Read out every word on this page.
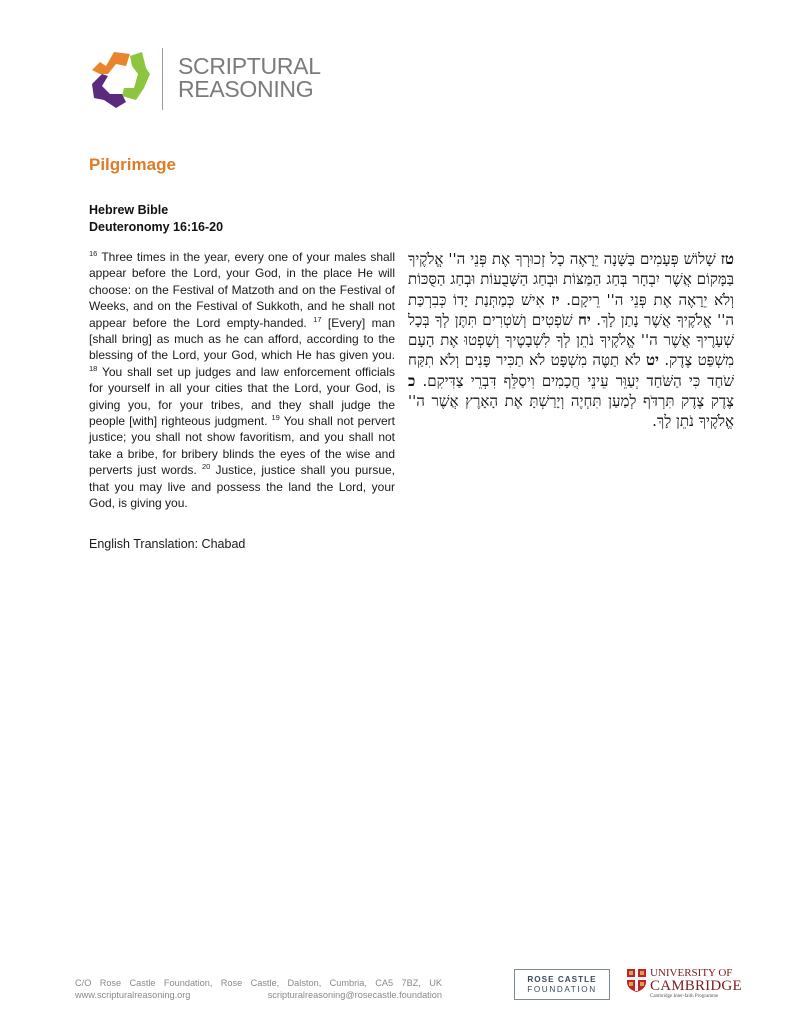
SCRIPTURAL
REASONING
Pilgrimage
Hebrew Bible
Deuteronomy 16:16-20
$^{16}$ Three times in the year, every one of your males shall appear before the Lord, your God, in the place He will choose: on the Festival of Matzoth and on the Festival of Weeks, and on the Festival of Sukkoth, and he shall not appear before the Lord empty-handed. $^{17}$ [Every] man [shall bring] as much as he can afford, according to the blessing of the Lord, your God, which He has given you. $^{18}$ You shall set up judges and law enforcement officials for yourself in all your cities that the Lord, your God, is giving you, for your tribes, and they shall judge the people [with] righteous judgment. $^{19}$ You shall not pervert justice; you shall not show favoritism, and you shall not take a bribe, for bribery blinds the eyes of the wise and perverts just words. $^{20}$ Justice, justice shall you pursue, that you may live and possess the land the Lord, your God, is giving you.
English Translation: Chabad
טז שָׁלוֹשׁ פְּעָמִים בַּשָּׁנָה יֵרָאֶה כָל זְכוּרְךָ אֶת פְּנֵי ה'' אֱלֹקֶיךָ בַּמָּקוֹם אֲשֶׁר יִבְחָר בְּחַג הַמַּצּוֹת וּבְחַג הַשָּׁבֻעוֹת וּבְחַג הַסֻּכּוֹת וְלֹא יֵרָאֶה אֶת פְּנֵי ה'' רֵיקָם. יז אִישׁ כְּמַתְּנַת יָדוֹ כְּבִרְכַּת ה'' אֱלֹקֶיךָ אֲשֶׁר נָתַן לָךְ. יח שֹׁפְטִים וְשֹׁטְרִים תִּתֶּן לְךָ בְּכָל שְׁעָרֶיךָ אֲשֶׁר ה'' אֱלֹקֶיךָ נֹתֵן לְךָ לִשְׁבָטֶיךָ וְשָׁפְטוּ אֶת הָעָם מִשְׁפַּט צֶדֶק. יט לֹא תַטֶּה מִשְׁפָּט לֹא תַכִּיר פָּנִים וְלֹא תִקַּח שֹׁחַד כִּי הַשֹּׁחַד יְעַוֵּר עֵינֵי חֲכָמִים וִיסַלֵּף דִּבְרֵי צַדִּיקִם. כ צֶדֶק צֶדֶק תִּרְדֹּף לְמַעַן תִּחְיֶה וְיָרַשְׁתָּ אֶת הָאָרֶץ אֲשֶׁר ה'' אֱלֹקֶיךָ נֹתֵן לָךְ.
C/O Rose Castle Foundation, Rose Castle, Dalston, Cumbria, CA5 7BZ, UK
www.scripturalreasoning.org	scripturalreasoning@rosecastle.foundation
ROSE CASTLE
FOUNDATION
UNIVERSITY OF
CAMBRIDGE
Cambridge Inter-faith Programme
